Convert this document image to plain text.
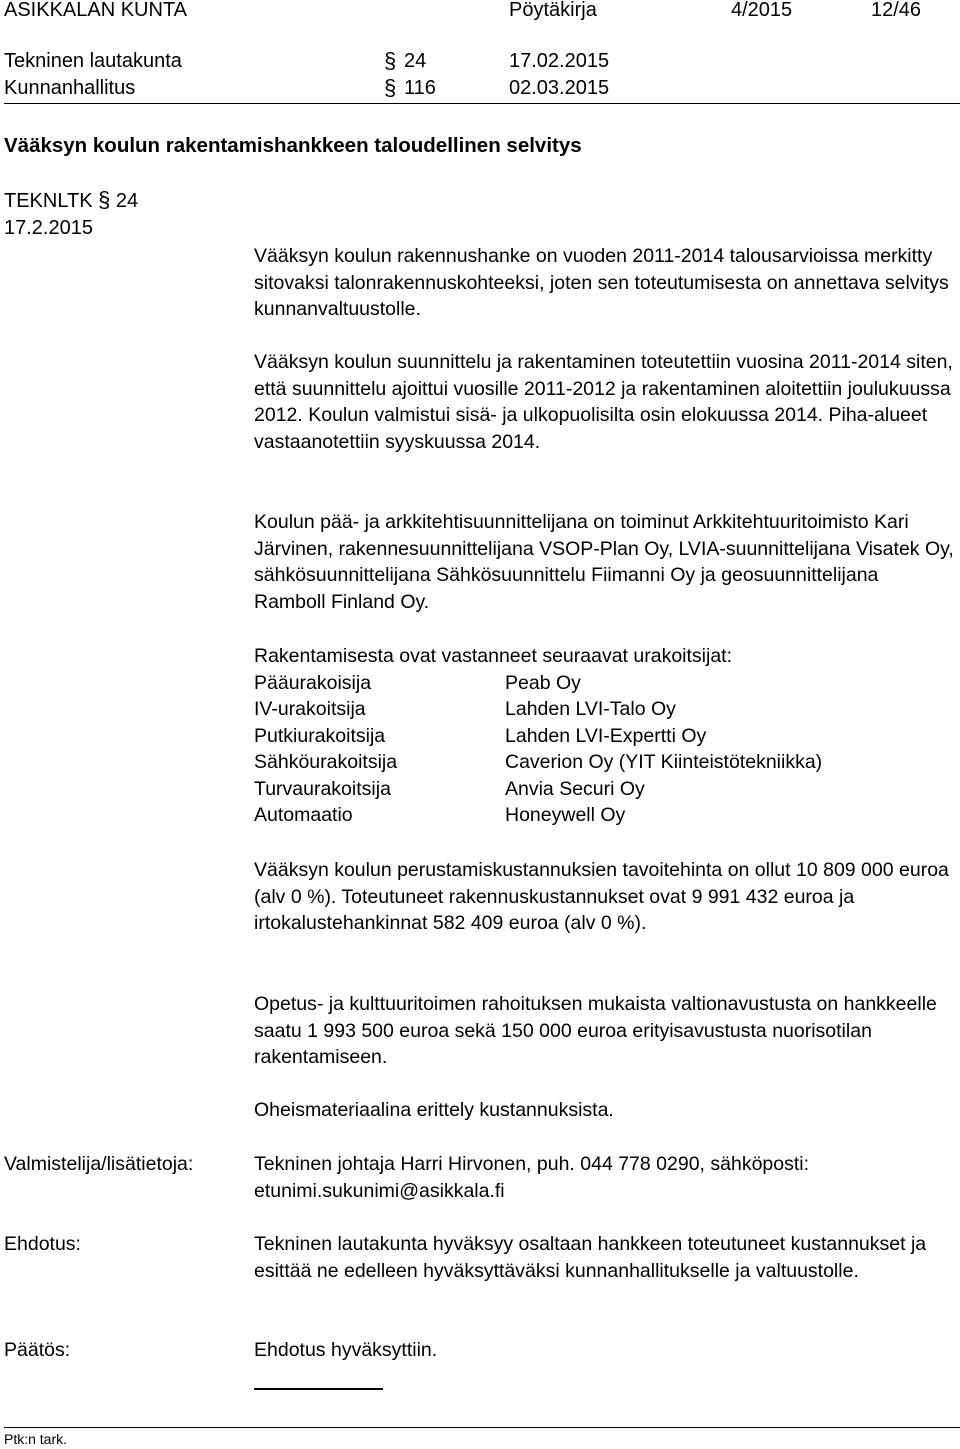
ASIKKALAN KUNTA	Pöytäkirja	4/2015	12/46
Tekninen lautakunta	§ 24	17.02.2015
Kunnanhallitus	§ 116	02.03.2015
Vääksyn koulun rakentamishankkeen taloudellinen selvitys
TEKNLTK § 24
17.2.2015

Vääksyn koulun rakennushanke on vuoden 2011-2014 talousarvioissa merkitty sitovaksi talonrakennuskohteeksi, joten sen toteutumisesta on annettava selvitys kunnanvaltuustolle.

Vääksyn koulun suunnittelu ja rakentaminen toteutettiin vuosina 2011-2014 siten, että suunnittelu ajoittui vuosille 2011-2012 ja rakentaminen aloitettiin joulukuussa 2012. Koulun valmistui sisä- ja ulkopuolisilta osin elokuussa 2014. Piha-alueet vastaanotettiin syyskuussa 2014.

Koulun pää- ja arkkitehtisuunnittelijana on toiminut Arkkitehtuuritoimisto Kari Järvinen, rakennesuunnittelijana VSOP-Plan Oy, LVIA-suunnittelijana Visatek Oy, sähkösuunnittelijana Sähkösuunnittelu Fiimanni Oy ja geosuunnittelijana Ramboll Finland Oy.

Rakentamisesta ovat vastanneet seuraavat urakoitsijat:

Pääurakoisija	Peab Oy
IV-urakoitsija	Lahden LVI-Talo Oy
Putkiurakoitsija	Lahden LVI-Expertti Oy
Sähköurakoitsija	Caverion Oy (YIT Kiinteistötekniikka)
Turvaurakoitsija	Anvia Securi Oy
Automaatio	Honeywell Oy

Vääksyn koulun perustamiskustannuksien tavoitehinta on ollut 10 809 000 euroa (alv 0 %). Toteutuneet rakennuskustannukset ovat 9 991 432 euroa ja irtokalustehankinnat 582 409 euroa (alv 0 %).

Opetus- ja kulttuuritoimen rahoituksen mukaista valtionavustusta on hankkeelle saatu 1 993 500 euroa sekä 150 000 euroa erityisavustusta nuorisotilan rakentamiseen.

Oheismateriaalina erittely kustannuksista.

Valmistelija/lisätietoja:	Tekninen johtaja Harri Hirvonen, puh. 044 778 0290, sähköposti: etunimi.sukunimi@asikkala.fi

Ehdotus:	Tekninen lautakunta hyväksyy osaltaan hankkeen toteutuneet kustannukset ja esittää ne edelleen hyväksyttäväksi kunnanhallitukselle ja valtuustolle.

Päätös:	Ehdotus hyväksyttiin.
Ptk:n tark.
